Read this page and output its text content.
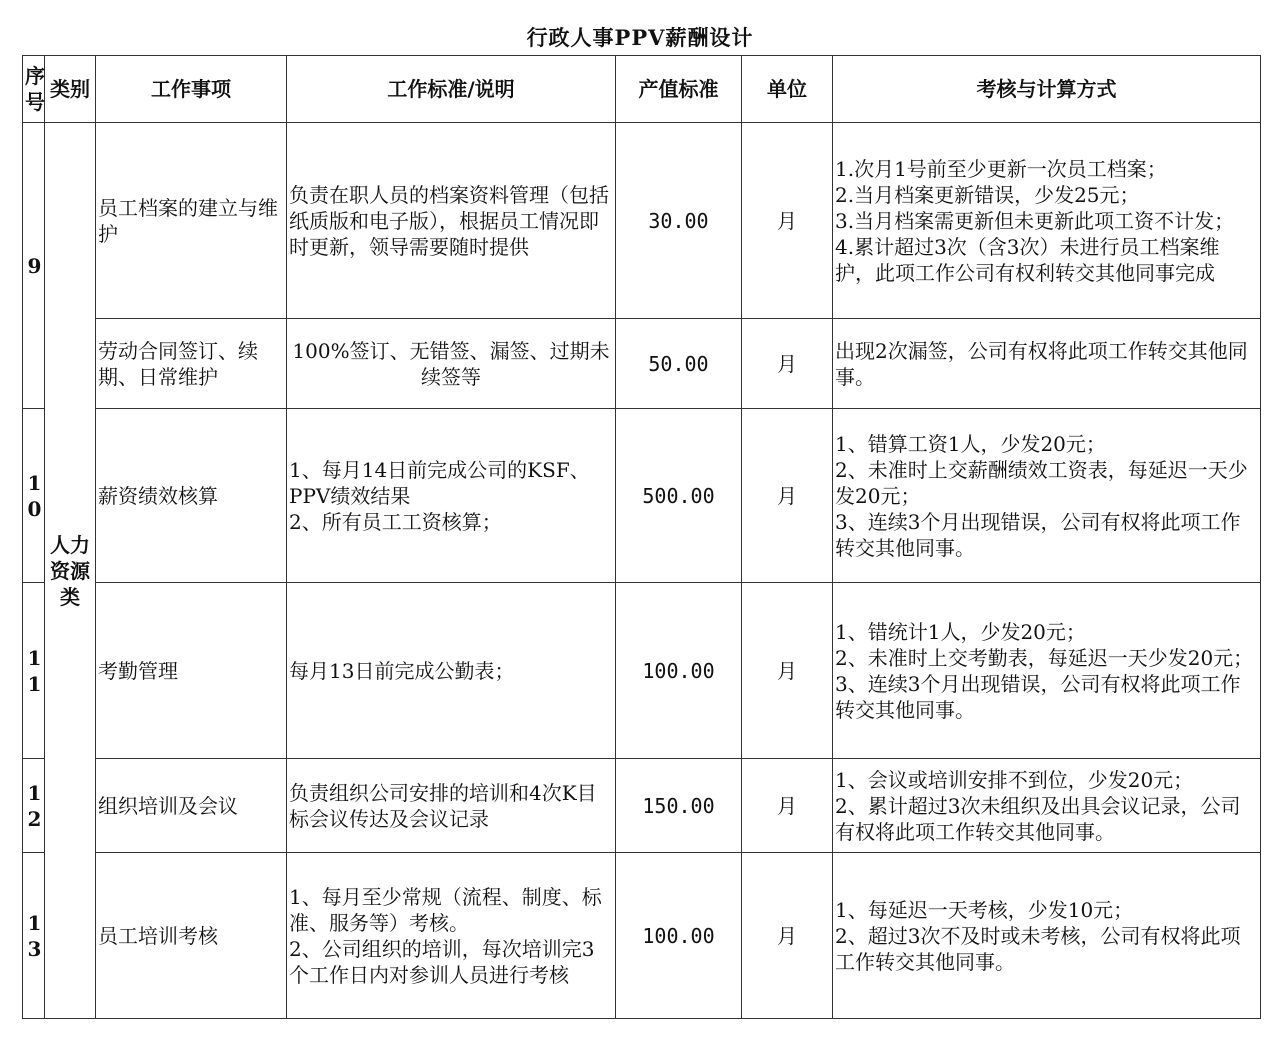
行政人事PPV薪酬设计
序号	类别	工作事项	工作标准/说明	产值标准	单位	考核与计算方式

9	人力资源类	员工档案的建立与维护	负责在职人员的档案资料管理（包括纸质版和电子版），根据员工情况即时更新，领导需要随时提供	30.00	月	1.次月1号前至少更新一次员工档案；
2.当月档案更新错误，少发25元；
3.当月档案需更新但未更新此项工资不计发；
4.累计超过3次（含3次）未进行员工档案维护，此项工作公司有权利转交其他同事完成

		劳动合同签订、续期、日常维护	100%签订、无错签、漏签、过期未续签等	50.00	月	出现2次漏签，公司有权将此项工作转交其他同事。

10		薪资绩效核算	1、每月14日前完成公司的KSF、PPV绩效结果
2、所有员工工资核算；	500.00	月	1、错算工资1人，少发20元；
2、未准时上交薪酬绩效工资表，每延迟一天少发20元；
3、连续3个月出现错误，公司有权将此项工作转交其他同事。

11		考勤管理	每月13日前完成公勤表；	100.00	月	1、错统计1人，少发20元；
2、未准时上交考勤表，每延迟一天少发20元；
3、连续3个月出现错误，公司有权将此项工作转交其他同事。

12		组织培训及会议	负责组织公司安排的培训和4次K目标会议传达及会议记录	150.00	月	1、会议或培训安排不到位，少发20元；
2、累计超过3次未组织及出具会议记录，公司有权将此项工作转交其他同事。

13		员工培训考核	1、每月至少常规（流程、制度、标准、服务等）考核。
2、公司组织的培训，每次培训完3个工作日内对参训人员进行考核	100.00	月	1、每延迟一天考核，少发10元；
2、超过3次不及时或未考核，公司有权将此项工作转交其他同事。
